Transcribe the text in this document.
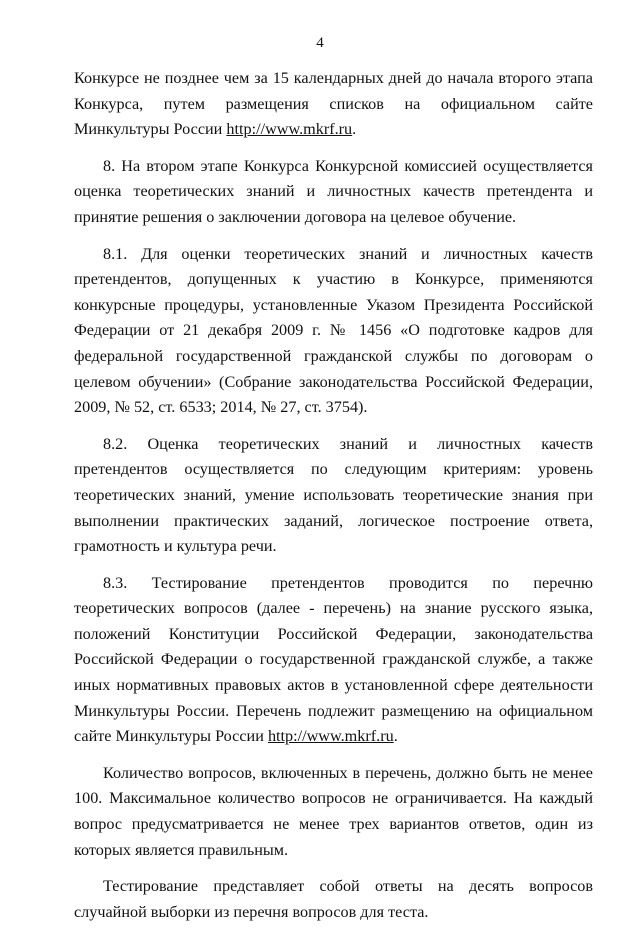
4

Конкурсе не позднее чем за 15 календарных дней до начала второго этапа Конкурса, путем размещения списков на официальном сайте Минкультуры России http://www.mkrf.ru.

8. На втором этапе Конкурса Конкурсной комиссией осуществляется оценка теоретических знаний и личностных качеств претендента и принятие решения о заключении договора на целевое обучение.

8.1. Для оценки теоретических знаний и личностных качеств претендентов, допущенных к участию в Конкурсе, применяются конкурсные процедуры, установленные Указом Президента Российской Федерации от 21 декабря 2009 г. № 1456 «О подготовке кадров для федеральной государственной гражданской службы по договорам о целевом обучении» (Собрание законодательства Российской Федерации, 2009, № 52, ст. 6533; 2014, № 27, ст. 3754).

8.2. Оценка теоретических знаний и личностных качеств претендентов осуществляется по следующим критериям: уровень теоретических знаний, умение использовать теоретические знания при выполнении практических заданий, логическое построение ответа, грамотность и культура речи.

8.3. Тестирование претендентов проводится по перечню теоретических вопросов (далее - перечень) на знание русского языка, положений Конституции Российской Федерации, законодательства Российской Федерации о государственной гражданской службе, а также иных нормативных правовых актов в установленной сфере деятельности Минкультуры России. Перечень подлежит размещению на официальном сайте Минкультуры России http://www.mkrf.ru.

Количество вопросов, включенных в перечень, должно быть не менее 100. Максимальное количество вопросов не ограничивается. На каждый вопрос предусматривается не менее трех вариантов ответов, один из которых является правильным.

Тестирование представляет собой ответы на десять вопросов случайной выборки из перечня вопросов для теста.
